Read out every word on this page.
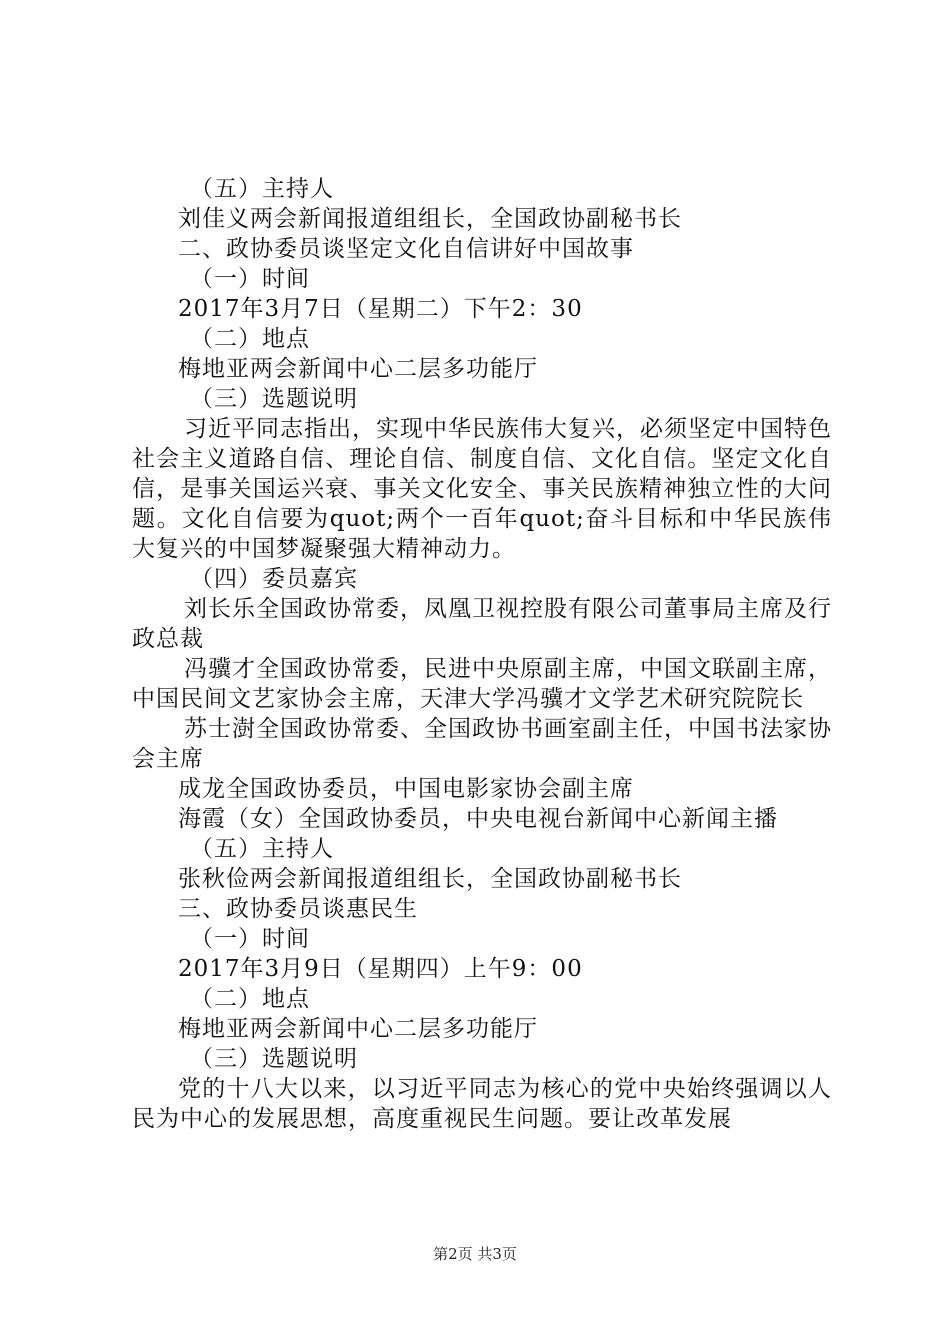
（五）主持人
刘佳义两会新闻报道组组长，全国政协副秘书长
二、政协委员谈坚定文化自信讲好中国故事
（一）时间
2017年3月7日（星期二）下午2：30
（二）地点
梅地亚两会新闻中心二层多功能厅
（三）选题说明
习近平同志指出，实现中华民族伟大复兴，必须坚定中国特色社会主义道路自信、理论自信、制度自信、文化自信。坚定文化自信，是事关国运兴衰、事关文化安全、事关民族精神独立性的大问题。文化自信要为quot;两个一百年quot;奋斗目标和中华民族伟大复兴的中国梦凝聚强大精神动力。
（四）委员嘉宾
刘长乐全国政协常委，凤凰卫视控股有限公司董事局主席及行政总裁
冯骥才全国政协常委，民进中央原副主席，中国文联副主席，中国民间文艺家协会主席，天津大学冯骥才文学艺术研究院院长
苏士澍全国政协常委、全国政协书画室副主任，中国书法家协会主席
成龙全国政协委员，中国电影家协会副主席
海霞（女）全国政协委员，中央电视台新闻中心新闻主播
（五）主持人
张秋俭两会新闻报道组组长，全国政协副秘书长
三、政协委员谈惠民生
（一）时间
2017年3月9日（星期四）上午9：00
（二）地点
梅地亚两会新闻中心二层多功能厅
（三）选题说明
党的十八大以来，以习近平同志为核心的党中央始终强调以人民为中心的发展思想，高度重视民生问题。要让改革发展
第2页 共3页
